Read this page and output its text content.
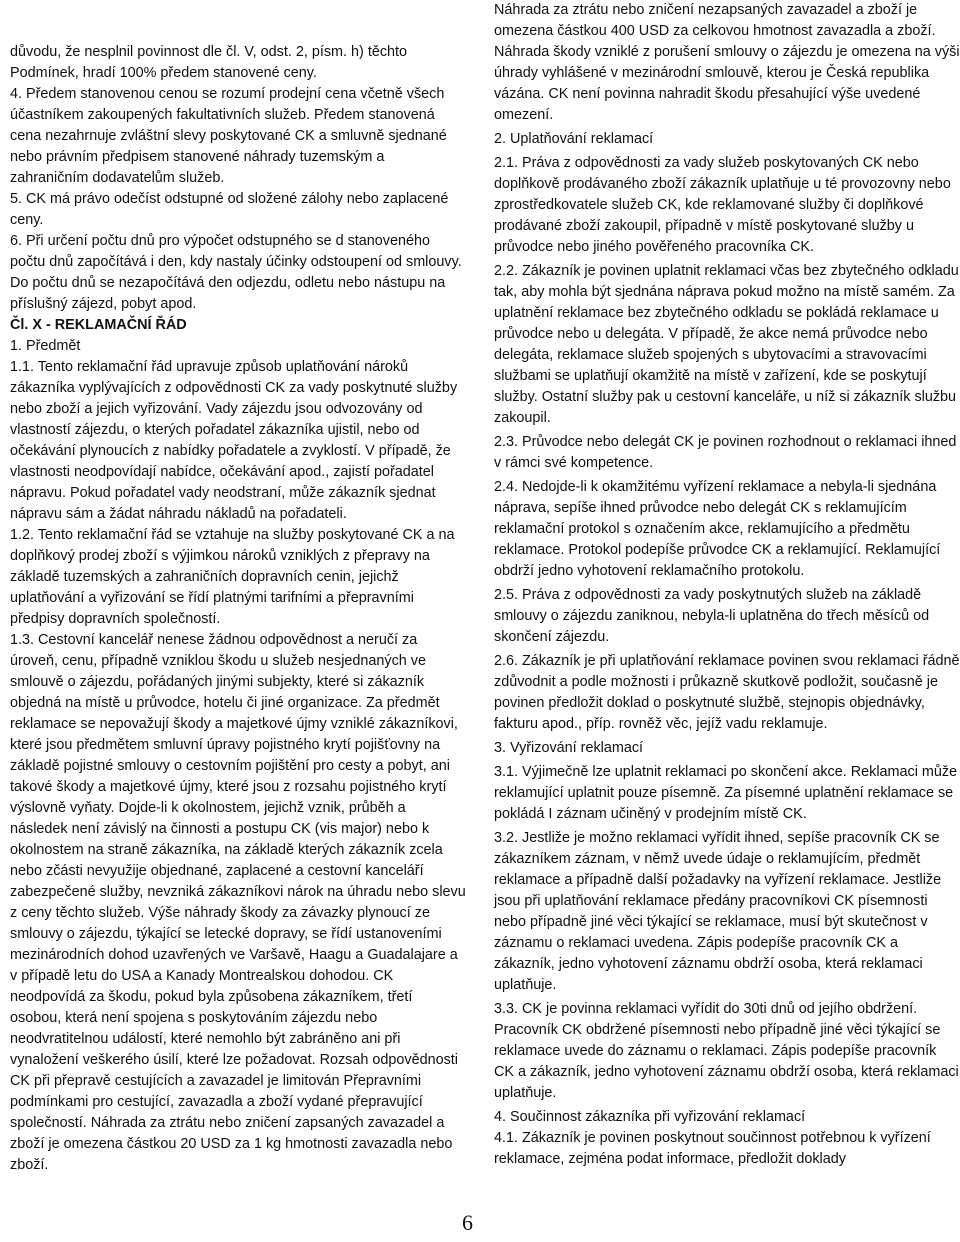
důvodu, že nesplnil povinnost dle čl. V, odst. 2, písm. h) těchto Podmínek, hradí 100% předem stanovené ceny.

4. Předem stanovenou cenou se rozumí prodejní cena včetně všech účastníkem zakoupených fakultativních služeb. Předem stanovená cena nezahrnuje zvláštní slevy poskytované CK a smluvně sjednané nebo právním předpisem stanovené náhrady tuzemským a zahraničním dodavatelům služeb.

5. CK má právo odečíst odstupné od složené zálohy nebo zaplacené ceny.

6. Při určení počtu dnů pro výpočet odstupného se d stanoveného počtu dnů započítává i den, kdy nastaly účinky odstoupení od smlouvy. Do počtu dnů se nezapočítává den odjezdu, odletu nebo nástupu na příslušný zájezd, pobyt apod.

Čl. X - REKLAMAČNÍ ŘÁD

1. Předmět

1.1. Tento reklamační řád upravuje způsob uplatňování nároků zákazníka vyplývajících z odpovědnosti CK za vady poskytnuté služby nebo zboží a jejich vyřizování. Vady zájezdu jsou odvozovány od vlastností zájezdu, o kterých pořadatel zákazníka ujistil, nebo od očekávání plynoucích z nabídky pořadatele a zvyklostí. V případě, že vlastnosti neodpovídají nabídce, očekávání apod., zajistí pořadatel nápravu. Pokud pořadatel vady neodstraní, může zákazník sjednat nápravu sám a žádat náhradu nákladů na pořadateli.

1.2. Tento reklamační řád se vztahuje na služby poskytované CK a na doplňkový prodej zboží s výjimkou nároků vzniklých z přepravy na základě tuzemských a zahraničních dopravních cenin, jejichž uplatňování a vyřizování se řídí platnými tarifními a přepravními předpisy dopravních společností.

1.3. Cestovní kancelář nenese žádnou odpovědnost a neručí za úroveň, cenu, případně vzniklou škodu u služeb nesjednaných ve smlouvě o zájezdu, pořádaných jinými subjekty, které si zákazník objedná na místě u průvodce, hotelu či jiné organizace. Za předmět reklamace se nepovažují škody a majetkové újmy vzniklé zákazníkovi, které jsou předmětem smluvní úpravy pojistného krytí pojišťovny na základě pojistné smlouvy o cestovním pojištění pro cesty a pobyt, ani takové škody a majetkové újmy, které jsou z rozsahu pojistného krytí výslovně vyňaty. Dojde-li k okolnostem, jejichž vznik, průběh a následek není závislý na činnosti a postupu CK (vis major) nebo k okolnostem na straně zákazníka, na základě kterých zákazník zcela nebo zčásti nevyužije objednané, zaplacené a cestovní kanceláří zabezpečené služby, nevzniká zákazníkovi nárok na úhradu nebo slevu z ceny těchto služeb. Výše náhrady škody za závazky plynoucí ze smlouvy o zájezdu, týkající se letecké dopravy, se řídí ustanoveními mezinárodních dohod uzavřených ve Varšavě, Haagu a Guadalajare a v případě letu do USA a Kanady Montrealskou dohodou. CK neodpovídá za škodu, pokud byla způsobena zákazníkem, třetí osobou, která není spojena s poskytováním zájezdu nebo neodvratitelnou událostí, které nemohlo být zabráněno ani při vynaložení veškerého úsilí, které lze požadovat. Rozsah odpovědnosti CK při přepravě cestujících a zavazadel je limitován Přepravními podmínkami pro cestující, zavazadla a zboží vydané přepravující společností. Náhrada za ztrátu nebo zničení zapsaných zavazadel a zboží je omezena částkou 20 USD za 1 kg hmotnosti zavazadla nebo zboží.

Náhrada za ztrátu nebo zničení nezapsaných zavazadel a zboží je omezena částkou 400 USD za celkovou hmotnost zavazadla a zboží. Náhrada škody vzniklé z porušení smlouvy o zájezdu je omezena na výši úhrady vyhlášené v mezinárodní smlouvě, kterou je Česká republika vázána. CK není povinna nahradit škodu přesahující výše uvedené omezení.

2. Uplatňování reklamací

2.1. Práva z odpovědnosti za vady služeb poskytovaných CK nebo doplňkově prodávaného zboží zákazník uplatňuje u té provozovny nebo zprostředkovatele služeb CK, kde reklamované služby či doplňkové prodávané zboží zakoupil, případně v místě poskytované služby u průvodce nebo jiného pověřeného pracovníka CK.

2.2. Zákazník je povinen uplatnit reklamaci včas bez zbytečného odkladu tak, aby mohla být sjednána náprava pokud možno na místě samém. Za uplatnění reklamace bez zbytečného odkladu se pokládá reklamace u průvodce nebo u delegáta. V případě, že akce nemá průvodce nebo delegáta, reklamace služeb spojených s ubytovacími a stravovacími službami se uplatňují okamžitě na místě v zařízení, kde se poskytují služby. Ostatní služby pak u cestovní kanceláře, u níž si zákazník službu zakoupil.

2.3. Průvodce nebo delegát CK je povinen rozhodnout o reklamaci ihned v rámci své kompetence.

2.4. Nedojde-li k okamžitému vyřízení reklamace a nebyla-li sjednána náprava, sepíše ihned průvodce nebo delegát CK s reklamujícím reklamační protokol s označením akce, reklamujícího a předmětu reklamace. Protokol podepíše průvodce CK a reklamující. Reklamující obdrží jedno vyhotovení reklamačního protokolu.

2.5. Práva z odpovědnosti za vady poskytnutých služeb na základě smlouvy o zájezdu zaniknou, nebyla-li uplatněna do třech měsíců od skončení zájezdu.

2.6. Zákazník je při uplatňování reklamace povinen svou reklamaci řádně zdůvodnit a podle možnosti i průkazně skutkově podložit, současně je povinen předložit doklad o poskytnuté službě, stejnopis objednávky, fakturu apod., příp. rovněž věc, jejíž vadu reklamuje.

3. Vyřizování reklamací

3.1. Výjimečně lze uplatnit reklamaci po skončení akce. Reklamaci může reklamující uplatnit pouze písemně. Za písemné uplatnění reklamace se pokládá I záznam učiněný v prodejním místě CK.

3.2. Jestliže je možno reklamaci vyřídit ihned, sepíše pracovník CK se zákazníkem záznam, v němž uvede údaje o reklamujícím, předmět reklamace a případně další požadavky na vyřízení reklamace. Jestliže jsou při uplatňování reklamace předány pracovníkovi CK písemnosti nebo případně jiné věci týkající se reklamace, musí být skutečnost v záznamu o reklamaci uvedena. Zápis podepíše pracovník CK a zákazník, jedno vyhotovení záznamu obdrží osoba, která reklamaci uplatňuje.

3.3. CK je povinna reklamaci vyřídit do 30ti dnů od jejího obdržení. Pracovník CK obdržené písemnosti nebo případně jiné věci týkající se reklamace uvede do záznamu o reklamaci. Zápis podepíše pracovník CK a zákazník, jedno vyhotovení záznamu obdrží osoba, která reklamaci uplatňuje.

4. Součinnost zákazníka při vyřizování reklamací

4.1. Zákazník je povinen poskytnout součinnost potřebnou k vyřízení reklamace, zejména podat informace, předložit doklady

6
